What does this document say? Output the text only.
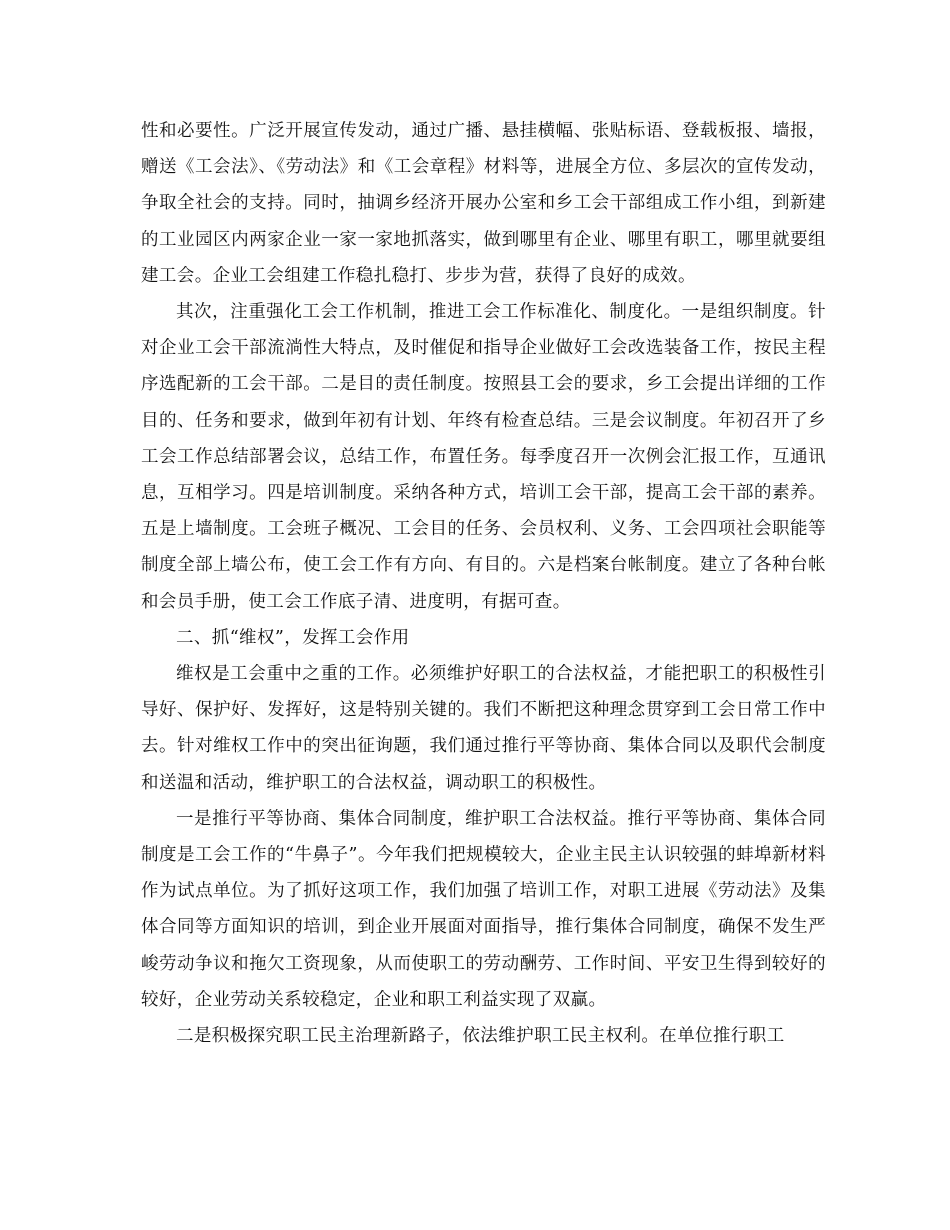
性和必要性。广泛开展宣传发动，通过广播、悬挂横幅、张贴标语、登载板报、墙报，赠送《工会法》、《劳动法》和《工会章程》材料等，进展全方位、多层次的宣传发动，争取全社会的支持。同时，抽调乡经济开展办公室和乡工会干部组成工作小组，到新建的工业园区内两家企业一家一家地抓落实，做到哪里有企业、哪里有职工，哪里就要组建工会。企业工会组建工作稳扎稳打、步步为营，获得了良好的成效。

其次，注重强化工会工作机制，推进工会工作标准化、制度化。一是组织制度。针对企业工会干部流淌性大特点，及时催促和指导企业做好工会改选装备工作，按民主程序选配新的工会干部。二是目的责任制度。按照县工会的要求，乡工会提出详细的工作目的、任务和要求，做到年初有计划、年终有检查总结。三是会议制度。年初召开了乡工会工作总结部署会议，总结工作，布置任务。每季度召开一次例会汇报工作，互通讯息，互相学习。四是培训制度。采纳各种方式，培训工会干部，提高工会干部的素养。五是上墙制度。工会班子概况、工会目的任务、会员权利、义务、工会四项社会职能等制度全部上墙公布，使工会工作有方向、有目的。六是档案台帐制度。建立了各种台帐和会员手册，使工会工作底子清、进度明，有据可查。

二、抓“维权”，发挥工会作用

维权是工会重中之重的工作。必须维护好职工的合法权益，才能把职工的积极性引导好、保护好、发挥好，这是特别关键的。我们不断把这种理念贯穿到工会日常工作中去。针对维权工作中的突出征询题，我们通过推行平等协商、集体合同以及职代会制度和送温和活动，维护职工的合法权益，调动职工的积极性。

一是推行平等协商、集体合同制度，维护职工合法权益。推行平等协商、集体合同制度是工会工作的“牛鼻子”。今年我们把规模较大，企业主民主认识较强的蚌埠新材料作为试点单位。为了抓好这项工作，我们加强了培训工作，对职工进展《劳动法》及集体合同等方面知识的培训，到企业开展面对面指导，推行集体合同制度，确保不发生严峻劳动争议和拖欠工资现象，从而使职工的劳动酬劳、工作时间、平安卫生得到较好的较好，企业劳动关系较稳定，企业和职工利益实现了双赢。

二是积极探究职工民主治理新路子，依法维护职工民主权利。在单位推行职工
